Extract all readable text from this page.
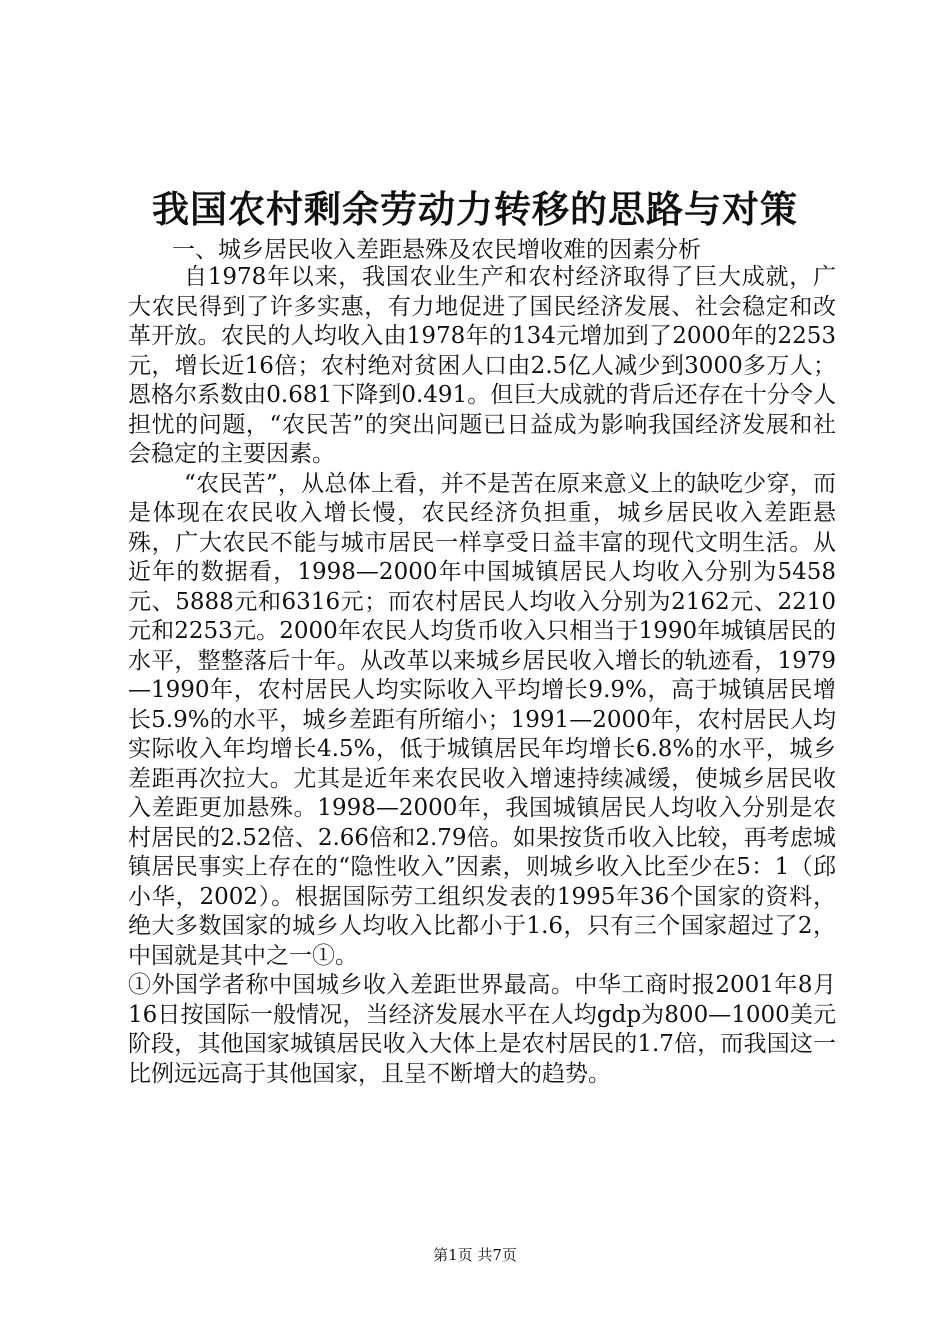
我国农村剩余劳动力转移的思路与对策
一、城乡居民收入差距悬殊及农民增收难的因素分析

自1978年以来，我国农业生产和农村经济取得了巨大成就，广大农民得到了许多实惠，有力地促进了国民经济发展、社会稳定和改革开放。农民的人均收入由1978年的134元增加到了2000年的2253元，增长近16倍；农村绝对贫困人口由2.5亿人减少到3000多万人；恩格尔系数由0.681下降到0.491。但巨大成就的背后还存在十分令人担忧的问题，“农民苦”的突出问题已日益成为影响我国经济发展和社会稳定的主要因素。

“农民苦”，从总体上看，并不是苦在原来意义上的缺吃少穿，而是体现在农民收入增长慢，农民经济负担重，城乡居民收入差距悬殊，广大农民不能与城市居民一样享受日益丰富的现代文明生活。从近年的数据看，1998—2000年中国城镇居民人均收入分别为5458元、5888元和6316元；而农村居民人均收入分别为2162元、2210元和2253元。2000年农民人均货币收入只相当于1990年城镇居民的水平，整整落后十年。从改革以来城乡居民收入增长的轨迹看，1979—1990年，农村居民人均实际收入平均增长9.9%，高于城镇居民增长5.9%的水平，城乡差距有所缩小；1991—2000年，农村居民人均实际收入年均增长4.5%，低于城镇居民年均增长6.8%的水平，城乡差距再次拉大。尤其是近年来农民收入增速持续减缓，使城乡居民收入差距更加悬殊。1998—2000年，我国城镇居民人均收入分别是农村居民的2.52倍、2.66倍和2.79倍。如果按货币收入比较，再考虑城镇居民事实上存在的“隐性收入”因素，则城乡收入比至少在5：1（邱小华，2002）。根据国际劳工组织发表的1995年36个国家的资料，绝大多数国家的城乡人均收入比都小于1.6，只有三个国家超过了2，中国就是其中之一①。

①外国学者称中国城乡收入差距世界最高。中华工商时报2001年8月16日按国际一般情况，当经济发展水平在人均gdp为800—1000美元阶段，其他国家城镇居民收入大体上是农村居民的1.7倍，而我国这一比例远远高于其他国家，且呈不断增大的趋势。

第1页 共7页
